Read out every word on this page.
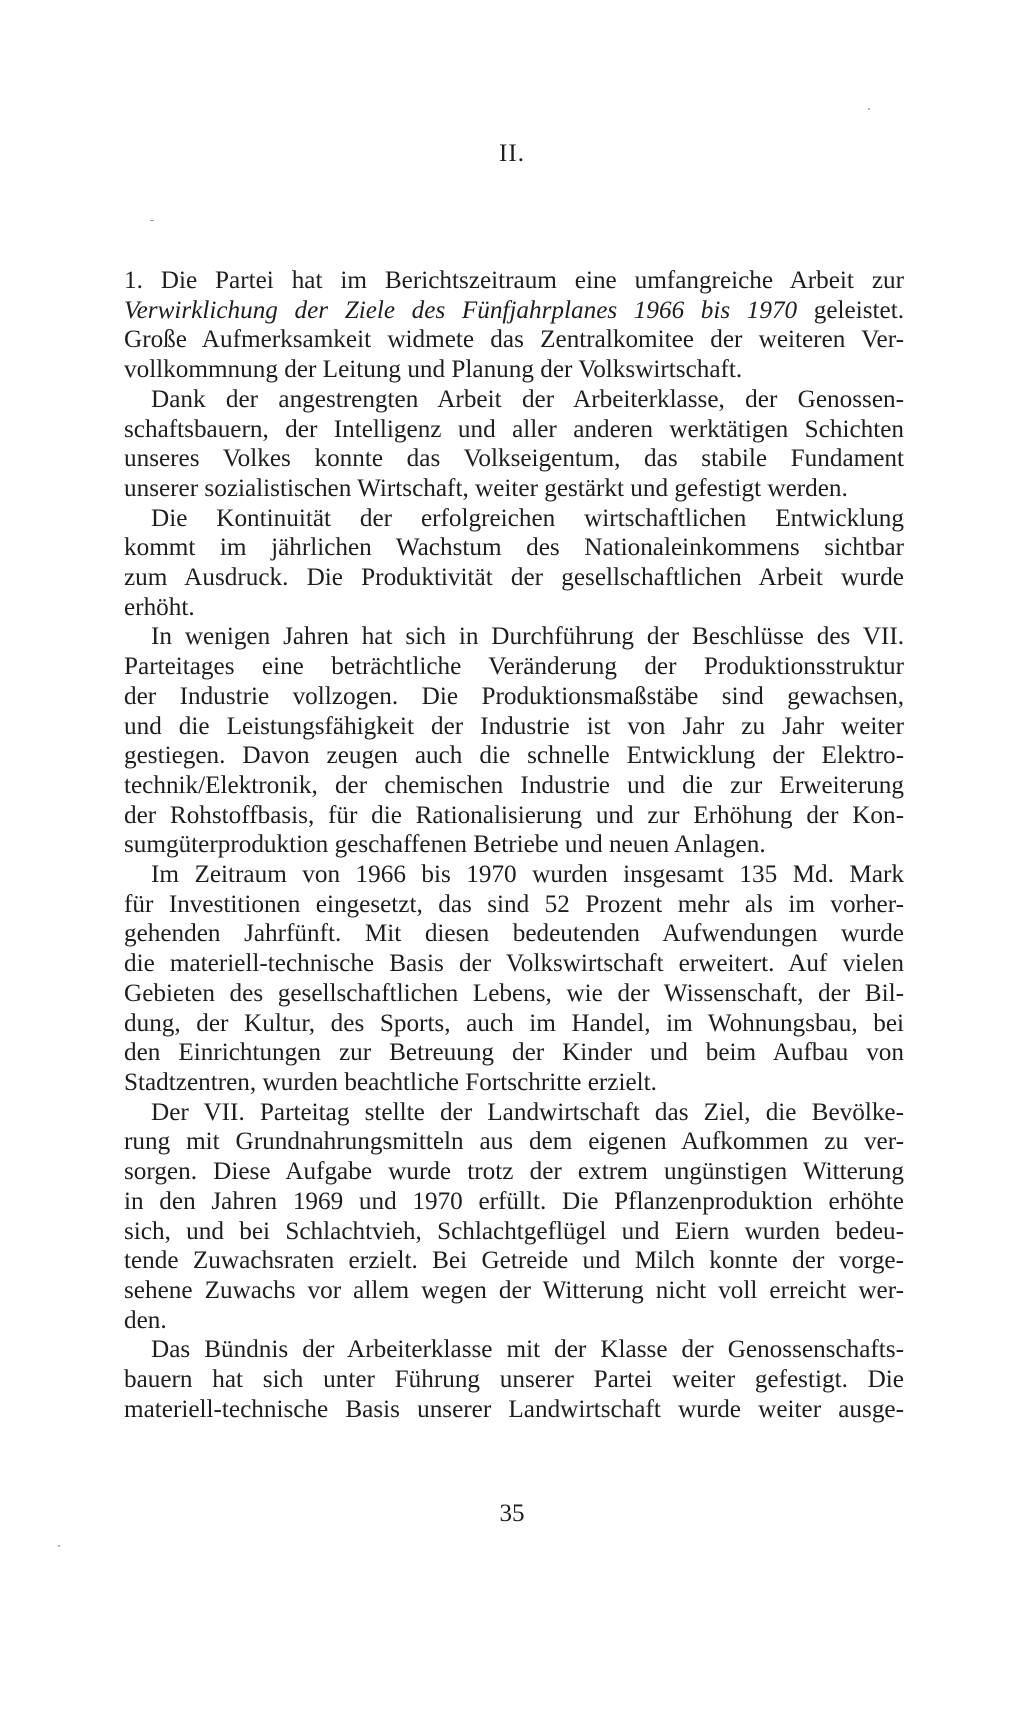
II.

1. Die Partei hat im Berichtszeitraum eine umfangreiche Arbeit zur
Verwirklichung der Ziele des Fünfjahrplanes 1966 bis 1970 geleistet.
Große Aufmerksamkeit widmete das Zentralkomitee der weiteren Ver-
vollkommnung der Leitung und Planung der Volkswirtschaft.

Dank der angestrengten Arbeit der Arbeiterklasse, der Genossen-
schaftsbauern, der Intelligenz und aller anderen werktätigen Schichten
unseres Volkes konnte das Volkseigentum, das stabile Fundament
unserer sozialistischen Wirtschaft, weiter gestärkt und gefestigt werden.

Die Kontinuität der erfolgreichen wirtschaftlichen Entwicklung
kommt im jährlichen Wachstum des Nationaleinkommens sichtbar
zum Ausdruck. Die Produktivität der gesellschaftlichen Arbeit wurde
erhöht.

In wenigen Jahren hat sich in Durchführung der Beschlüsse des VII.
Parteitages eine beträchtliche Veränderung der Produktionsstruktur
der Industrie vollzogen. Die Produktionsmaßstäbe sind gewachsen,
und die Leistungsfähigkeit der Industrie ist von Jahr zu Jahr weiter
gestiegen. Davon zeugen auch die schnelle Entwicklung der Elektro-
technik/Elektronik, der chemischen Industrie und die zur Erweiterung
der Rohstoffbasis, für die Rationalisierung und zur Erhöhung der Kon-
sumgüterproduktion geschaffenen Betriebe und neuen Anlagen.

Im Zeitraum von 1966 bis 1970 wurden insgesamt 135 Md. Mark
für Investitionen eingesetzt, das sind 52 Prozent mehr als im vorher-
gehenden Jahrfünft. Mit diesen bedeutenden Aufwendungen wurde
die materiell-technische Basis der Volkswirtschaft erweitert. Auf vielen
Gebieten des gesellschaftlichen Lebens, wie der Wissenschaft, der Bil-
dung, der Kultur, des Sports, auch im Handel, im Wohnungsbau, bei
den Einrichtungen zur Betreuung der Kinder und beim Aufbau von
Stadtzentren, wurden beachtliche Fortschritte erzielt.

Der VII. Parteitag stellte der Landwirtschaft das Ziel, die Bevölke-
rung mit Grundnahrungsmitteln aus dem eigenen Aufkommen zu ver-
sorgen. Diese Aufgabe wurde trotz der extrem ungünstigen Witterung
in den Jahren 1969 und 1970 erfüllt. Die Pflanzenproduktion erhöhte
sich, und bei Schlachtvieh, Schlachtgeflügel und Eiern wurden bedeu-
tende Zuwachsraten erzielt. Bei Getreide und Milch konnte der vorge-
sehene Zuwachs vor allem wegen der Witterung nicht voll erreicht wer-
den.

Das Bündnis der Arbeiterklasse mit der Klasse der Genossenschafts-
bauern hat sich unter Führung unserer Partei weiter gefestigt. Die
materiell-technische Basis unserer Landwirtschaft wurde weiter ausge-

35
